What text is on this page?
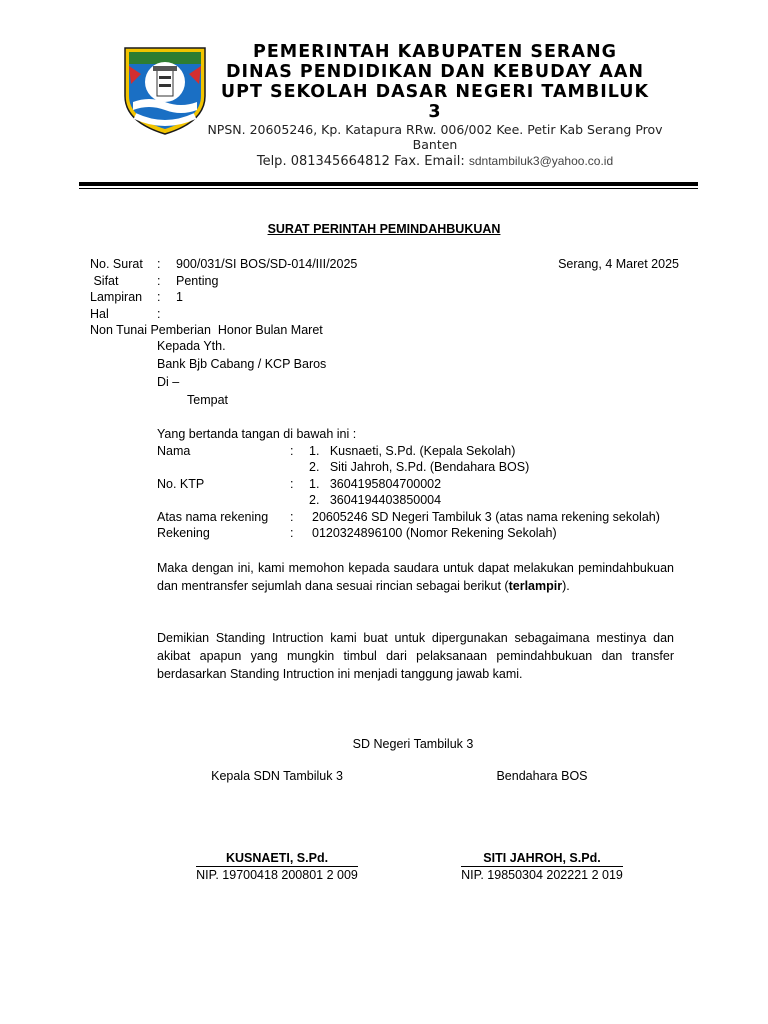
PEMERINTAH KABUPATEN SERANG
DINAS PENDIDIKAN DAN KEBUDAY AAN
UPT SEKOLAH DASAR NEGERI TAMBILUK
3
NPSN. 20605246, Kp. Katapura RRw. 006/002 Kee. Petir Kab Serang Prov
Banten
Telp. 081345664812 Fax. Email: sdntambiluk3@yahoo.co.id
SURAT PERINTAH PEMINDAHBUKUAN
No. Surat : 900/031/SI BOS/SD-014/III/2025
Sifat	: Penting
Lampiran : 1
Hal	:Non Tunai Pemberian  Honor Bulan Maret
Serang, 4 Maret 2025
Kepada Yth.
Bank Bjb Cabang / KCP Baros
Di –
Tempat
Yang bertanda tangan di bawah ini :
Nama	: 1.   Kusnaeti, S.Pd. (Kepala Sekolah)
2.   Siti Jahroh, S.Pd. (Bendahara BOS)
No. KTP	: 1.   3604195804700002
2.   3604194403850004
Atas nama rekening : 20605246 SD Negeri Tambiluk 3 (atas nama rekening sekolah)
Rekening	: 0120324896100 (Nomor Rekening Sekolah)
Maka dengan ini, kami memohon kepada saudara untuk dapat melakukan pemindahbukuan dan mentransfer sejumlah dana sesuai rincian sebagai berikut (terlampir).
Demikian Standing Intruction kami buat untuk dipergunakan sebagaimana mestinya dan akibat apapun yang mungkin timbul dari pelaksanaan pemindahbukuan dan transfer berdasarkan Standing Intruction ini menjadi tanggung jawab kami.
SD Negeri Tambiluk 3
Kepala SDN Tambiluk 3	Bendahara BOS
KUSNAETI, S.Pd.
NIP. 19700418 200801 2 009
SITI JAHROH, S.Pd.
NIP. 19850304 202221 2 019
